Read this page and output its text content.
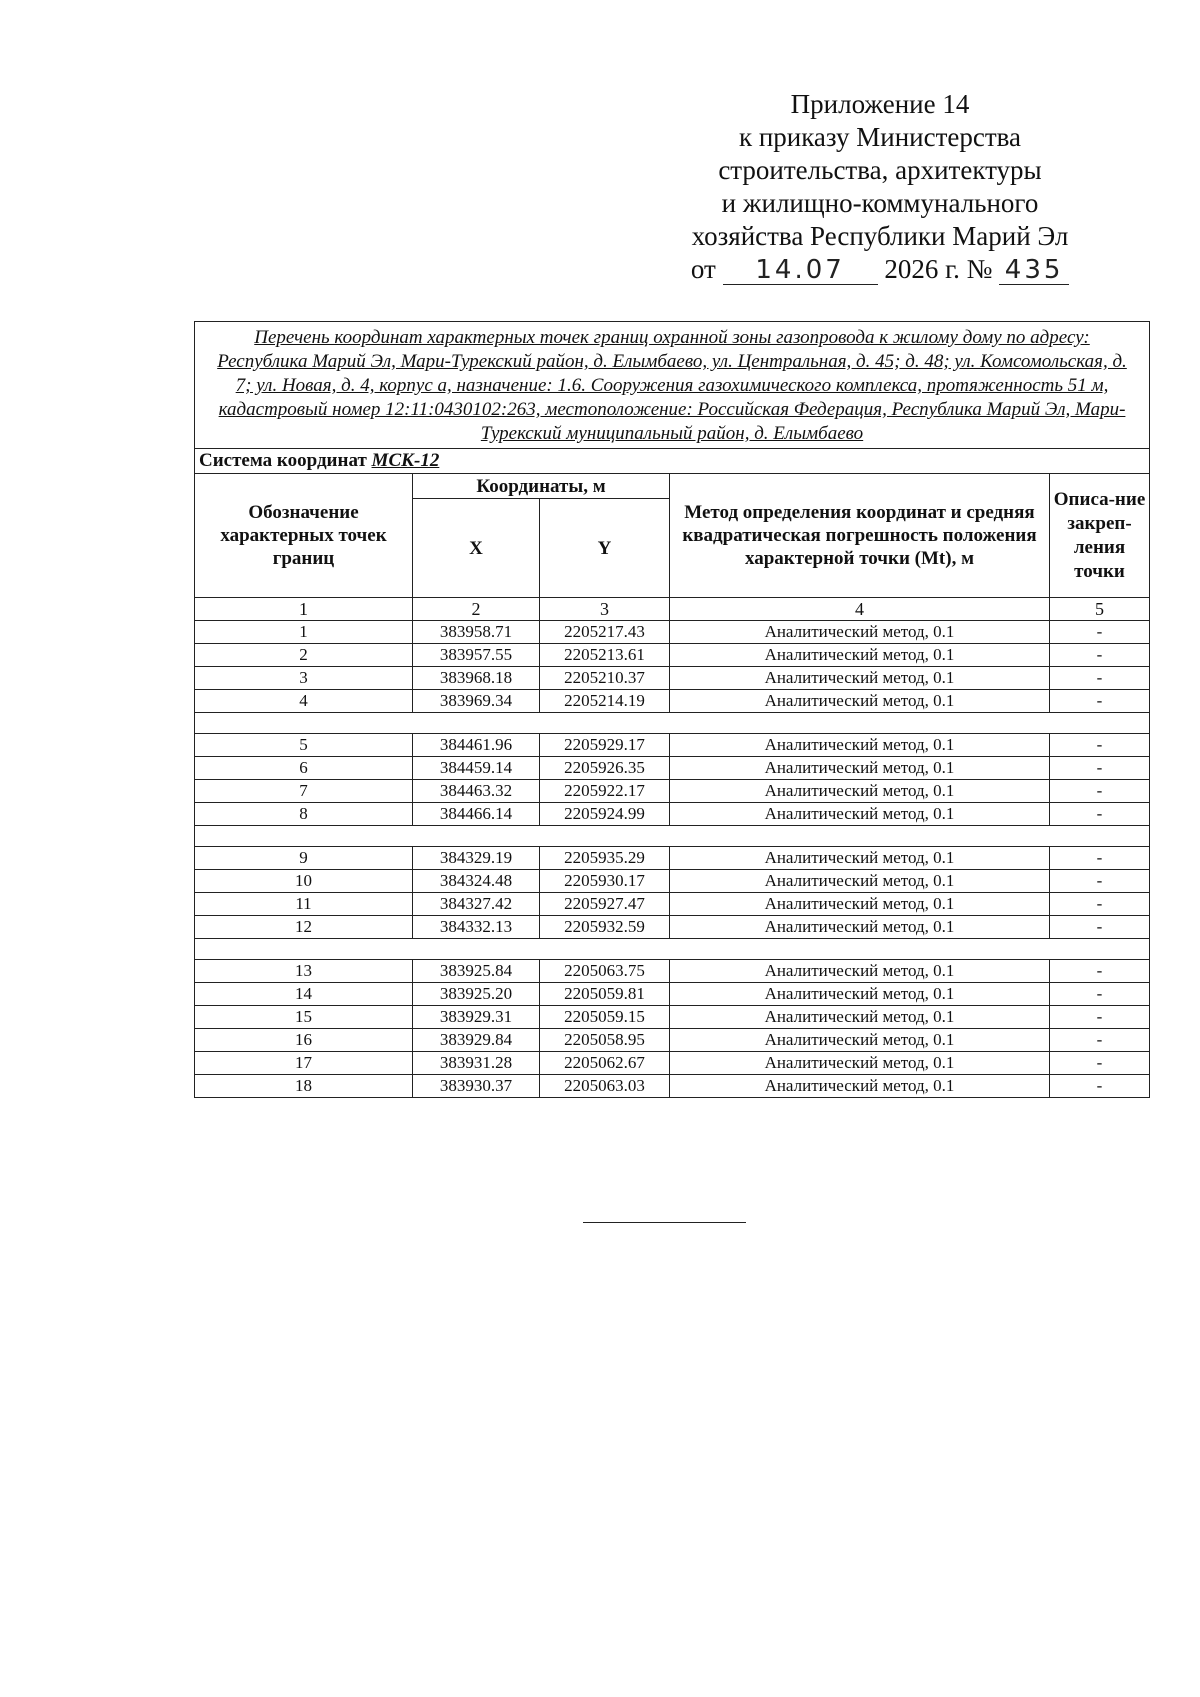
Приложение 14
к приказу Министерства
строительства, архитектуры
и жилищно-коммунального
хозяйства Республики Марий Эл
от 14.07 2026 г. № 435
Перечень координат характерных точек границ охранной зоны газопровода к жилому дому по адресу: Республика Марий Эл, Мари-Турекский район, д. Елымбаево, ул. Центральная, д. 45; д. 48; ул. Комсомольская, д. 7; ул. Новая, д. 4, корпус а, назначение: 1.6. Сооружения газохимического комплекса, протяженность 51 м, кадастровый номер 12:11:0430102:263, местоположение: Российская Федерация, Республика Марий Эл, Мари-Турекский муниципальный район, д. Елымбаево				
Система координат МСК-12				
Обозначение характерных точек границ	Координаты, м		Метод определения координат и средняя квадратическая погрешность положения характерной точки (Mt), м	Описа-ние закреп-ления точки
	X	Y		
1	2	3	4	5
1	383958.71	2205217.43	Аналитический метод, 0.1	-
2	383957.55	2205213.61	Аналитический метод, 0.1	-
3	383968.18	2205210.37	Аналитический метод, 0.1	-
4	383969.34	2205214.19	Аналитический метод, 0.1	-

5	384461.96	2205929.17	Аналитический метод, 0.1	-
6	384459.14	2205926.35	Аналитический метод, 0.1	-
7	384463.32	2205922.17	Аналитический метод, 0.1	-
8	384466.14	2205924.99	Аналитический метод, 0.1	-

9	384329.19	2205935.29	Аналитический метод, 0.1	-
10	384324.48	2205930.17	Аналитический метод, 0.1	-
11	384327.42	2205927.47	Аналитический метод, 0.1	-
12	384332.13	2205932.59	Аналитический метод, 0.1	-

13	383925.84	2205063.75	Аналитический метод, 0.1	-
14	383925.20	2205059.81	Аналитический метод, 0.1	-
15	383929.31	2205059.15	Аналитический метод, 0.1	-
16	383929.84	2205058.95	Аналитический метод, 0.1	-
17	383931.28	2205062.67	Аналитический метод, 0.1	-
18	383930.37	2205063.03	Аналитический метод, 0.1	-
